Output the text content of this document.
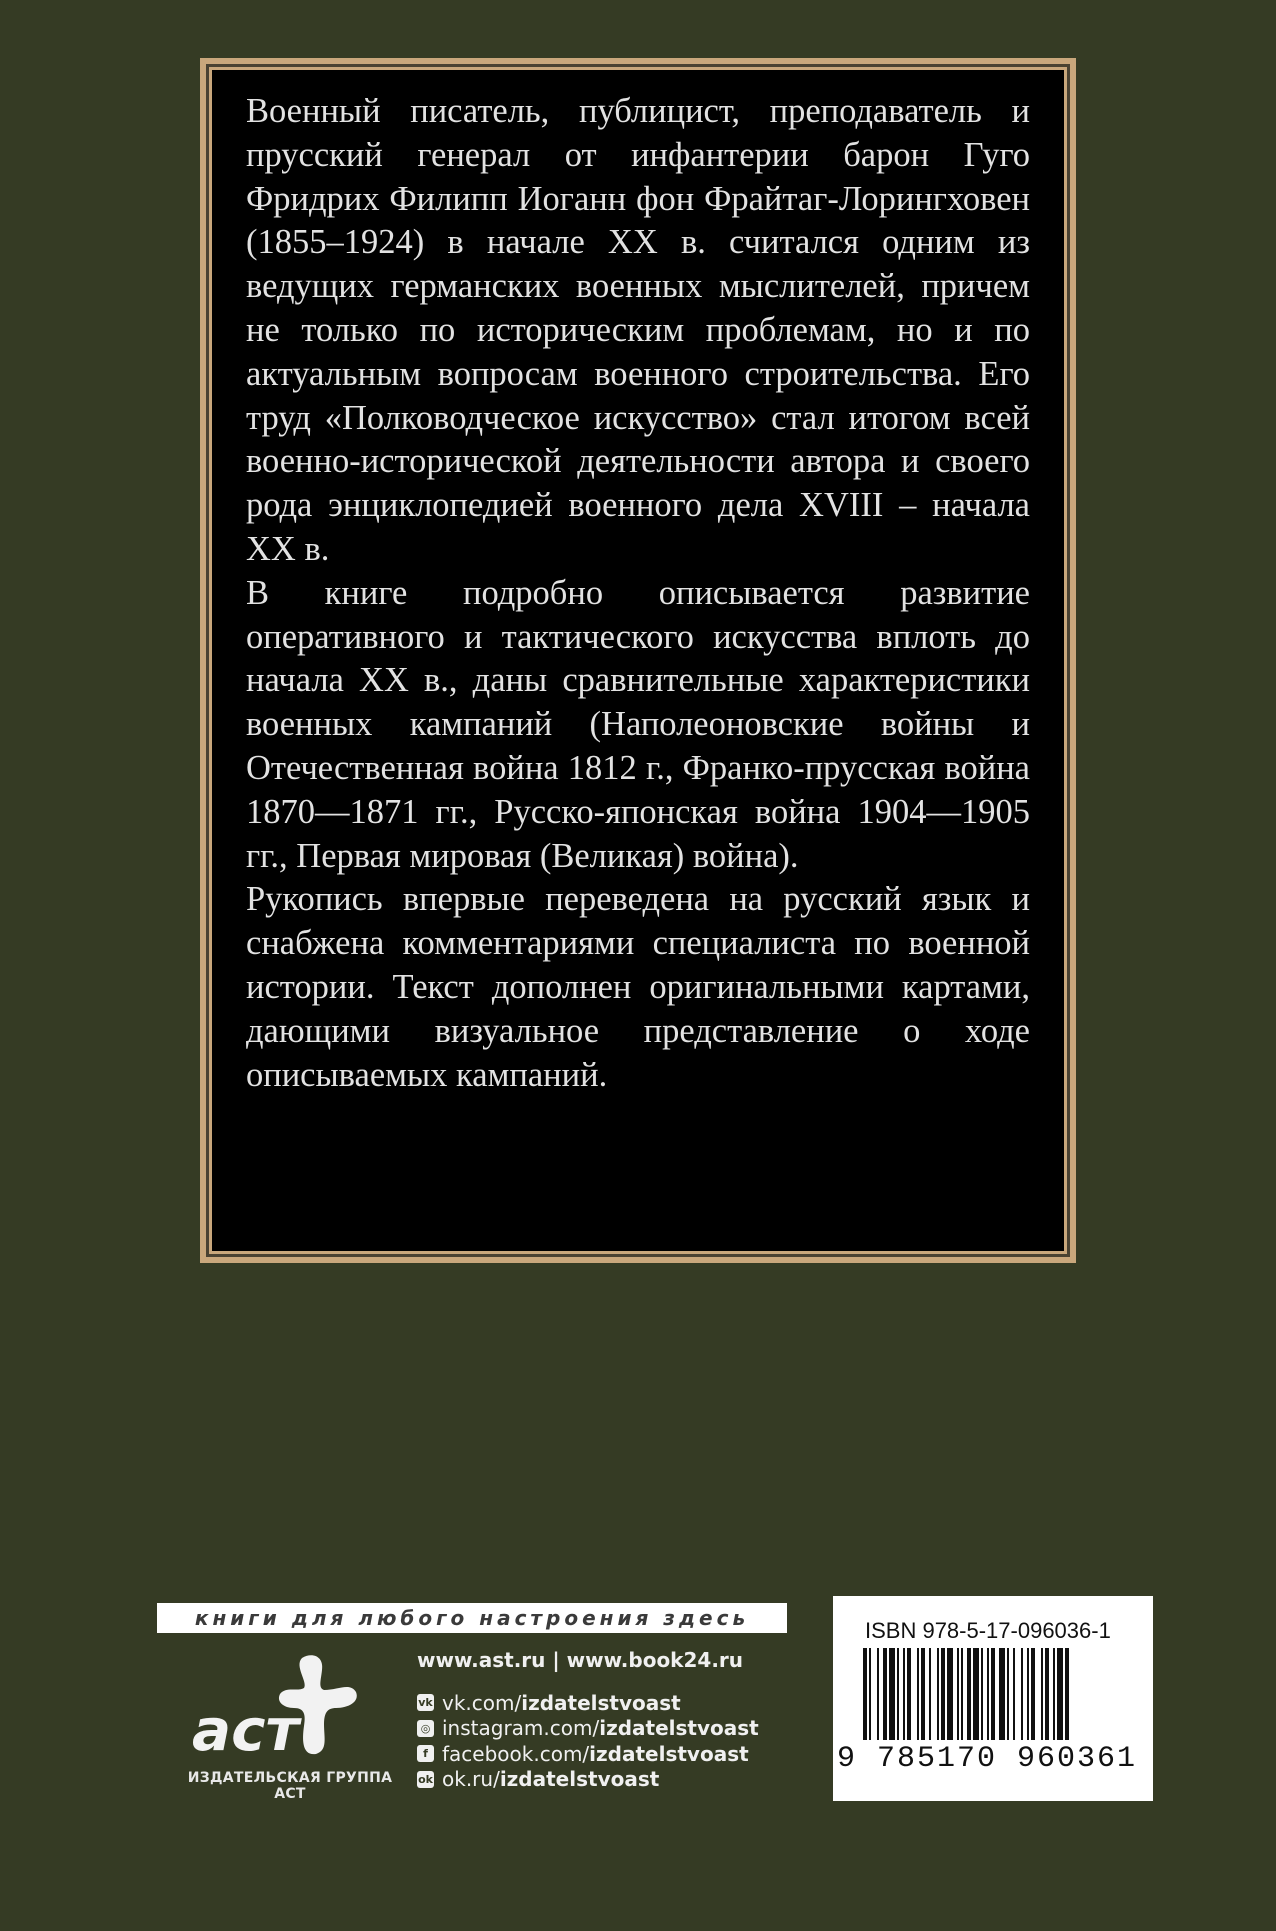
Военный писатель, публицист, преподаватель и прусский генерал от инфантерии барон Гуго Фридрих Филипп Иоганн фон Фрайтаг-Лорингховен (1855–1924) в начале XX в. считался одним из ведущих германских военных мыслителей, причем не только по историческим проблемам, но и по актуальным вопросам военного строительства. Его труд «Полководческое искусство» стал итогом всей военно-исторической деятельности автора и своего рода энциклопедией военного дела XVIII – начала XX в.

В книге подробно описывается развитие оперативного и тактического искусства вплоть до начала XX в., даны сравнительные характеристики военных кампаний (Наполеоновские войны и Отечественная война 1812 г., Франко-прусская война 1870—1871 гг., Русско-японская война 1904—1905 гг., Первая мировая (Великая) война).

Рукопись впервые переведена на русский язык и снабжена комментариями специалиста по военной истории. Текст дополнен оригинальными картами, дающими визуальное представление о ходе описываемых кампаний.

книги для любого настроения здесь
аст
ИЗДАТЕЛЬСКАЯ ГРУППА АСТ
www.ast.ru | www.book24.ru
vk vk.com/ izdatelstvoast
◎ instagram.com/ izdatelstvoast
f facebook.com/ izdatelstvoast
ok ok.ru/ izdatelstvoast
ISBN 978-5-17-096036-1
9 785170 960361
